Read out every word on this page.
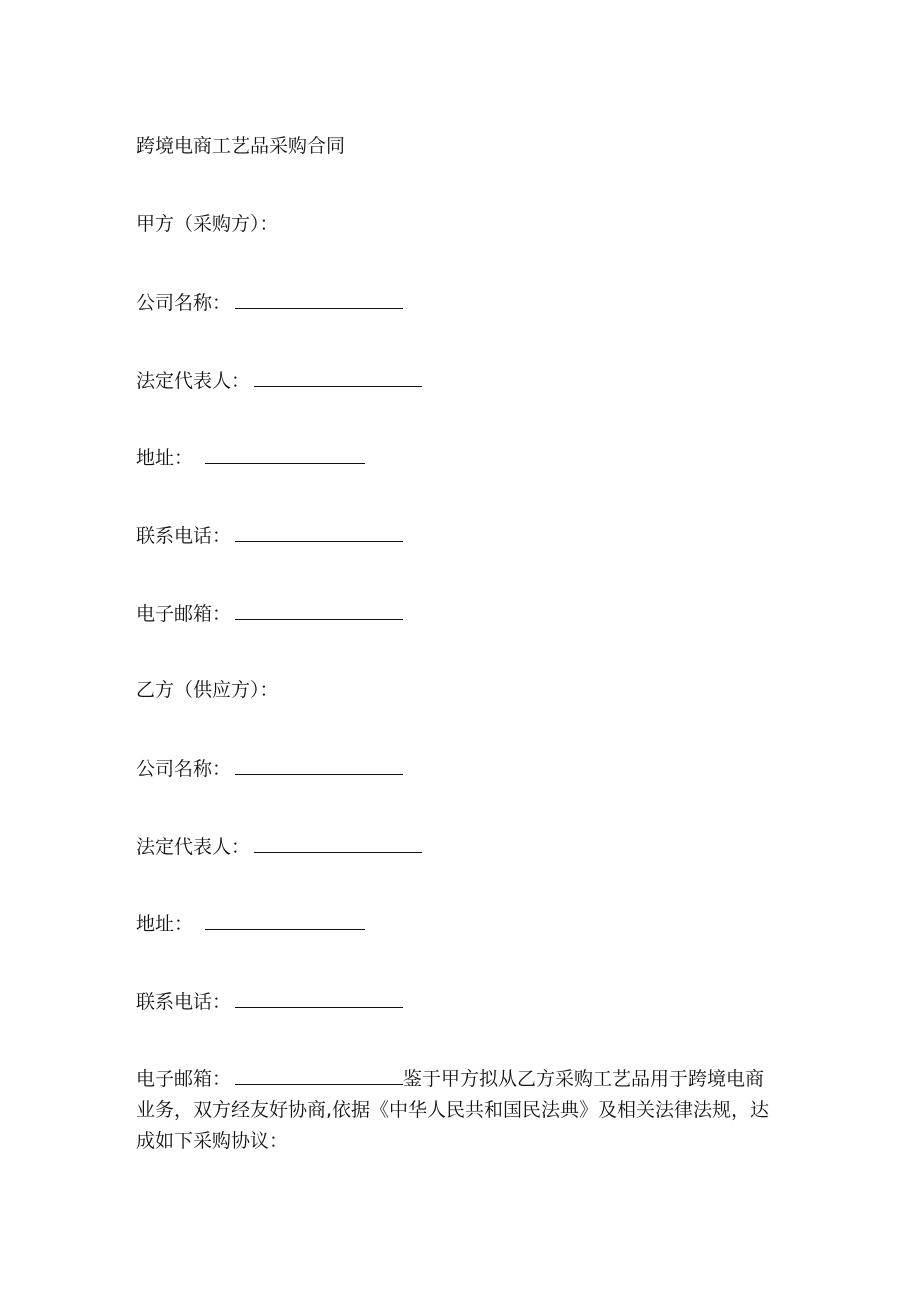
跨境电商工艺品采购合同
甲方（采购方）：
公司名称：
法定代表人：
地址：
联系电话：
电子邮箱：
乙方（供应方）：
公司名称：
法定代表人：
地址：
联系电话：
电子邮箱：	鉴于甲方拟从乙方采购工艺品用于跨境电商业务，双方经友好协商,依据《中华人民共和国民法典》及相关法律法规，达成如下采购协议：
